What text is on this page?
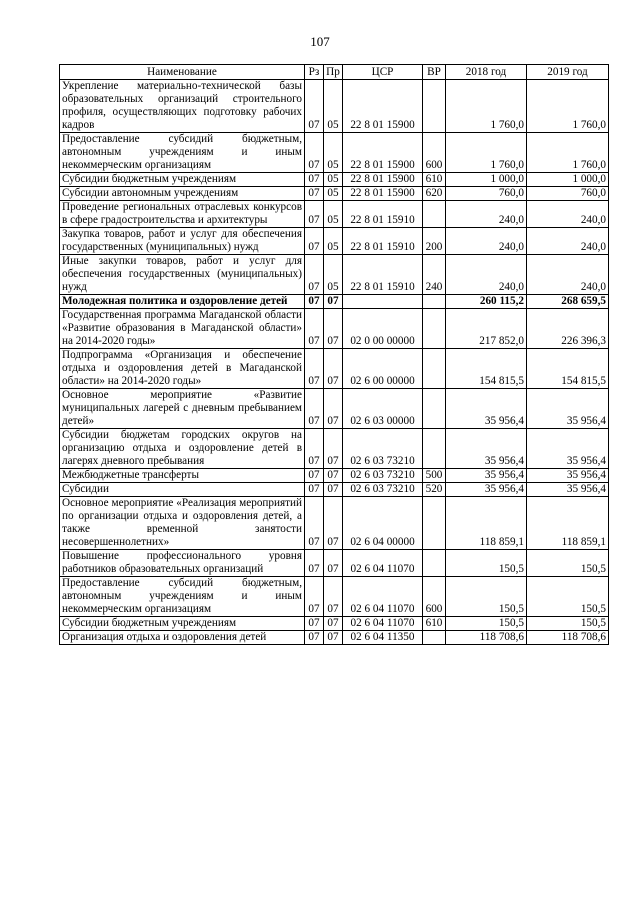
107
Наименование	Рз	Пр	ЦСР	ВР	2018 год	2019 год
Укрепление материально-технической базы образовательных организаций строительного профиля, осуществляющих подготовку рабочих кадров	07	05	22 8 01 15900		1 760,0	1 760,0
Предоставление субсидий бюджетным, автономным учреждениям и иным некоммерческим организациям	07	05	22 8 01 15900	600	1 760,0	1 760,0
Субсидии бюджетным учреждениям	07	05	22 8 01 15900	610	1 000,0	1 000,0
Субсидии автономным учреждениям	07	05	22 8 01 15900	620	760,0	760,0
Проведение региональных отраслевых конкурсов в сфере градостроительства и архитектуры	07	05	22 8 01 15910		240,0	240,0
Закупка товаров, работ и услуг для обеспечения государственных (муниципальных) нужд	07	05	22 8 01 15910	200	240,0	240,0
Иные закупки товаров, работ и услуг для обеспечения государственных (муниципальных) нужд	07	05	22 8 01 15910	240	240,0	240,0
Молодежная политика и оздоровление детей	07	07			260 115,2	268 659,5
Государственная программа Магаданской области «Развитие образования в Магаданской области» на 2014-2020 годы»	07	07	02 0 00 00000		217 852,0	226 396,3
Подпрограмма «Организация и обеспечение отдыха и оздоровления детей в Магаданской области» на 2014-2020 годы»	07	07	02 6 00 00000		154 815,5	154 815,5
Основное мероприятие «Развитие муниципальных лагерей с дневным пребыванием детей»	07	07	02 6 03 00000		35 956,4	35 956,4
Субсидии бюджетам городских округов на организацию отдыха и оздоровление детей в лагерях дневного пребывания	07	07	02 6 03 73210		35 956,4	35 956,4
Межбюджетные трансферты	07	07	02 6 03 73210	500	35 956,4	35 956,4
Субсидии	07	07	02 6 03 73210	520	35 956,4	35 956,4
Основное мероприятие «Реализация мероприятий по организации отдыха и оздоровления детей, а также временной занятости несовершеннолетних»	07	07	02 6 04 00000		118 859,1	118 859,1
Повышение профессионального уровня работников образовательных организаций	07	07	02 6 04 11070		150,5	150,5
Предоставление субсидий бюджетным, автономным учреждениям и иным некоммерческим организациям	07	07	02 6 04 11070	600	150,5	150,5
Субсидии бюджетным учреждениям	07	07	02 6 04 11070	610	150,5	150,5
Организация отдыха и оздоровления детей	07	07	02 6 04 11350		118 708,6	118 708,6
